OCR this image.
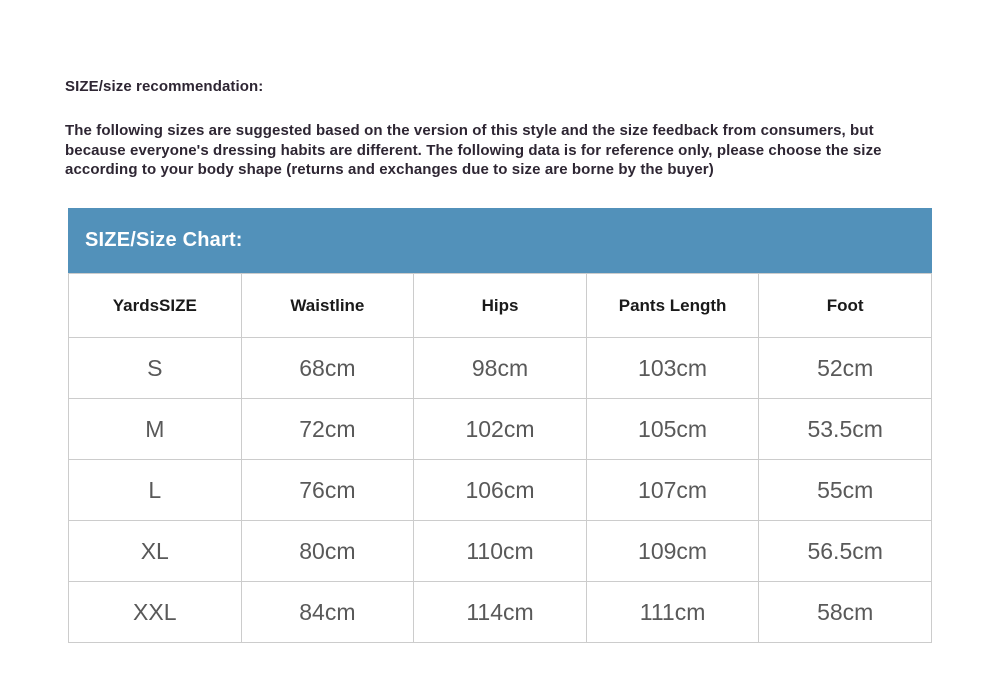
SIZE/size recommendation:
The following sizes are suggested based on the version of this style and the size feedback from consumers, but because everyone's dressing habits are different. The following data is for reference only, please choose the size according to your body shape (returns and exchanges due to size are borne by the buyer)
SIZE/Size Chart:
YardsSIZE	Waistline	Hips	Pants Length	Foot
S	68cm	98cm	103cm	52cm
M	72cm	102cm	105cm	53.5cm
L	76cm	106cm	107cm	55cm
XL	80cm	110cm	109cm	56.5cm
XXL	84cm	114cm	111cm	58cm
